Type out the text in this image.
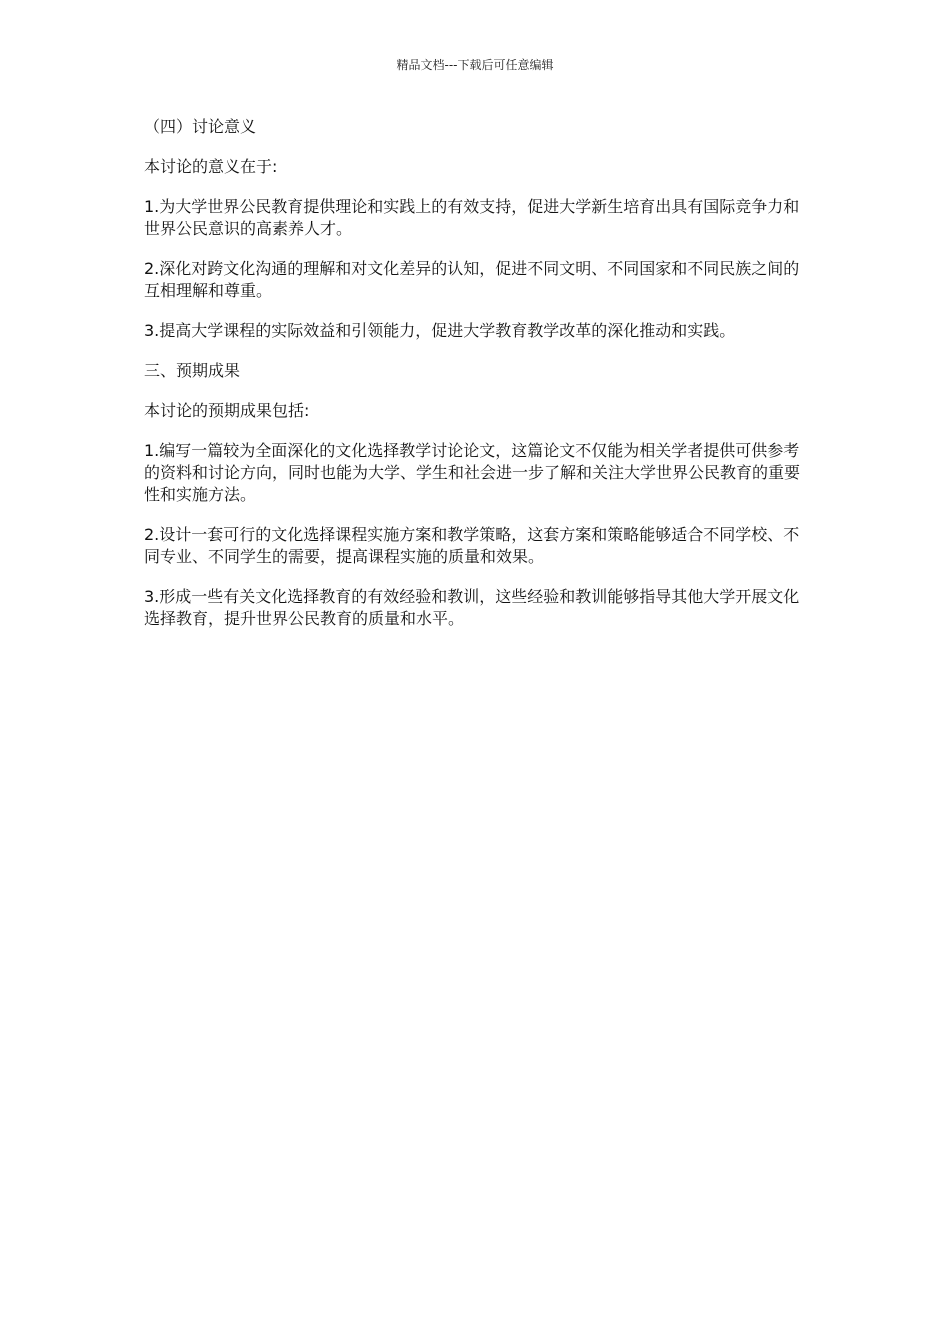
精品文档---下载后可任意编辑

（四）讨论意义

本讨论的意义在于:

1.为大学世界公民教育提供理论和实践上的有效支持，促进大学新生培育出具有国际竞争力和世界公民意识的高素养人才。

2.深化对跨文化沟通的理解和对文化差异的认知，促进不同文明、不同国家和不同民族之间的互相理解和尊重。

3.提高大学课程的实际效益和引领能力，促进大学教育教学改革的深化推动和实践。

三、预期成果

本讨论的预期成果包括:

1.编写一篇较为全面深化的文化选择教学讨论论文，这篇论文不仅能为相关学者提供可供参考的资料和讨论方向，同时也能为大学、学生和社会进一步了解和关注大学世界公民教育的重要性和实施方法。

2.设计一套可行的文化选择课程实施方案和教学策略，这套方案和策略能够适合不同学校、不同专业、不同学生的需要，提高课程实施的质量和效果。

3.形成一些有关文化选择教育的有效经验和教训，这些经验和教训能够指导其他大学开展文化选择教育，提升世界公民教育的质量和水平。
